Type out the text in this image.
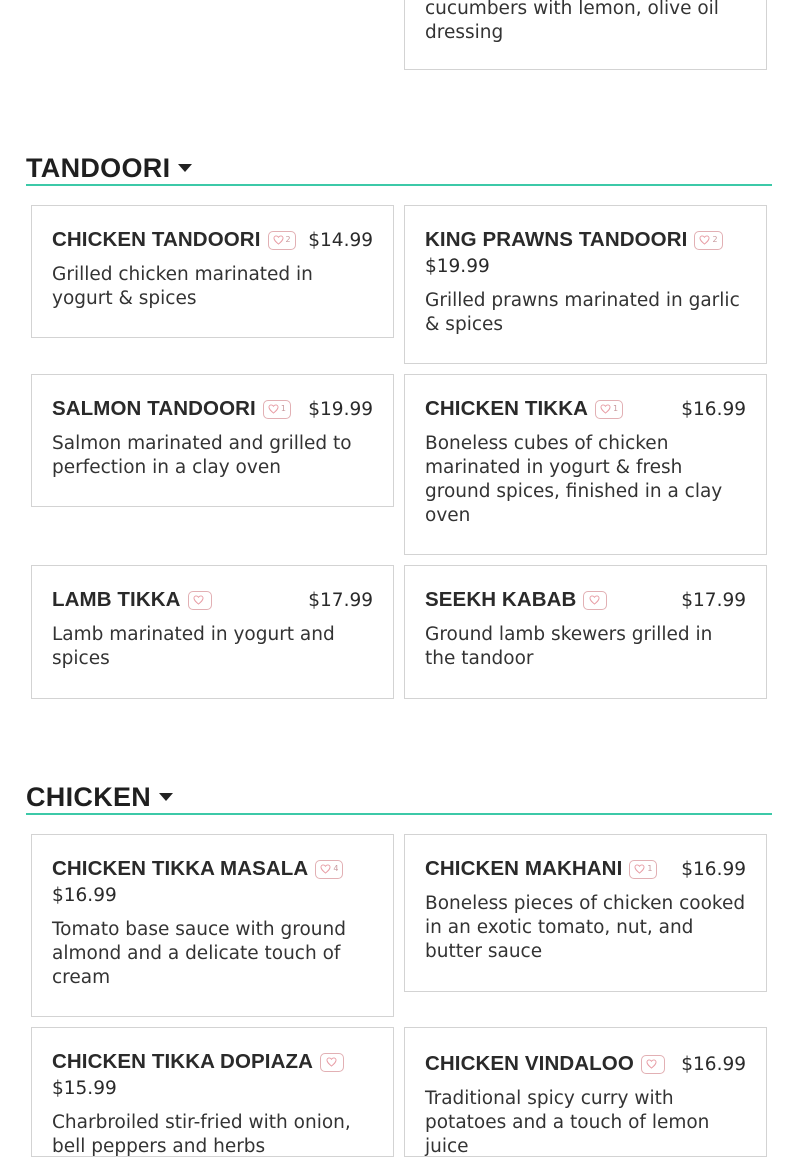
cucumbers with lemon, olive oil dressing
TANDOORI
CHICKEN TANDOORI	2 $14.99
Grilled chicken marinated in yogurt & spices
KING PRAWNS TANDOORI	2
$19.99
Grilled prawns marinated in garlic & spices
SALMON TANDOORI	1 $19.99
Salmon marinated and grilled to perfection in a clay oven
CHICKEN TIKKA	1	$16.99
Boneless cubes of chicken marinated in yogurt & fresh ground spices, finished in a clay oven
LAMB TIKKA	$17.99
Lamb marinated in yogurt and spices
SEEKH KABAB	$17.99
Ground lamb skewers grilled in the tandoor
CHICKEN
CHICKEN TIKKA MASALA	4
$16.99
Tomato base sauce with ground almond and a delicate touch of cream
CHICKEN MAKHANI	1 $16.99
Boneless pieces of chicken cooked in an exotic tomato, nut, and butter sauce
CHICKEN TIKKA DOPIAZA
$15.99
Charbroiled stir-fried with onion, bell peppers and herbs
CHICKEN VINDALOO	$16.99
Traditional spicy curry with potatoes and a touch of lemon juice
